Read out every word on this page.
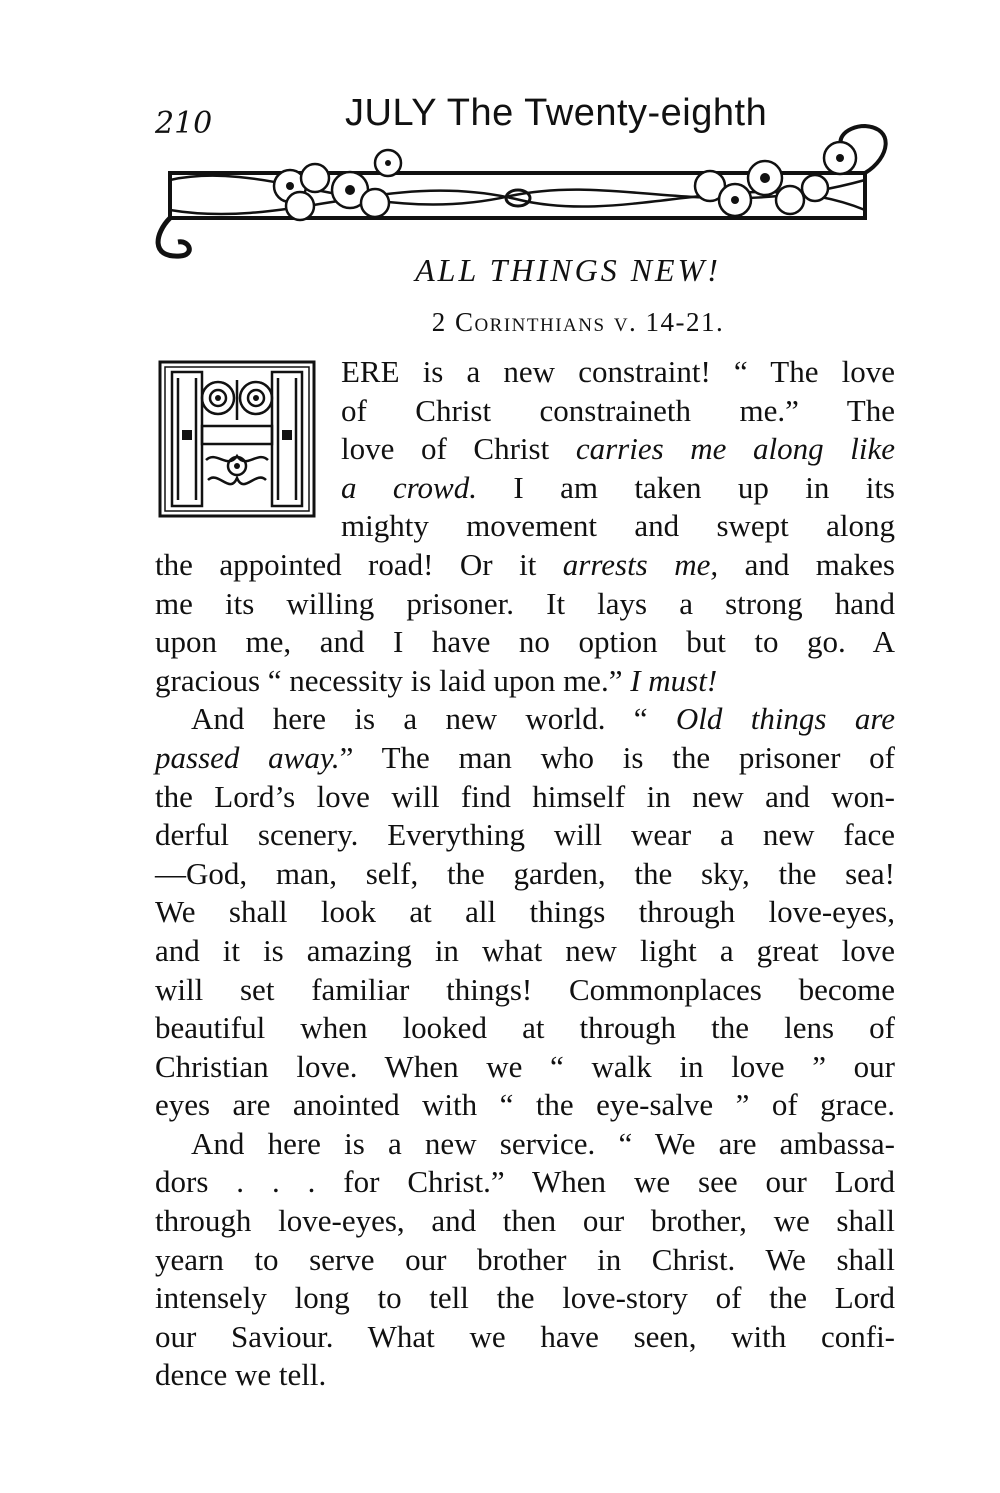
210	JULY The Twenty-eighth
ALL THINGS NEW!
2 Corinthians v. 14-21.
ERE is a new constraint! “ The love
of Christ constraineth me.” The
love of Christ carries me along like
a crowd. I am taken up in its
mighty movement and swept along
the appointed road! Or it arrests me, and makes
me its willing prisoner. It lays a strong hand
upon me, and I have no option but to go. A
gracious “ necessity is laid upon me.” I must!
And here is a new world. “ Old things are
passed away.” The man who is the prisoner of
the Lord’s love will find himself in new and won-
derful scenery. Everything will wear a new face
—God, man, self, the garden, the sky, the sea!
We shall look at all things through love-eyes,
and it is amazing in what new light a great love
will set familiar things! Commonplaces become
beautiful when looked at through the lens of
Christian love. When we “ walk in love ” our
eyes are anointed with “ the eye-salve ” of grace.
And here is a new service. “ We are ambassa-
dors . . . for Christ.” When we see our Lord
through love-eyes, and then our brother, we shall
yearn to serve our brother in Christ. We shall
intensely long to tell the love-story of the Lord
our Saviour. What we have seen, with confi-
dence we tell.
